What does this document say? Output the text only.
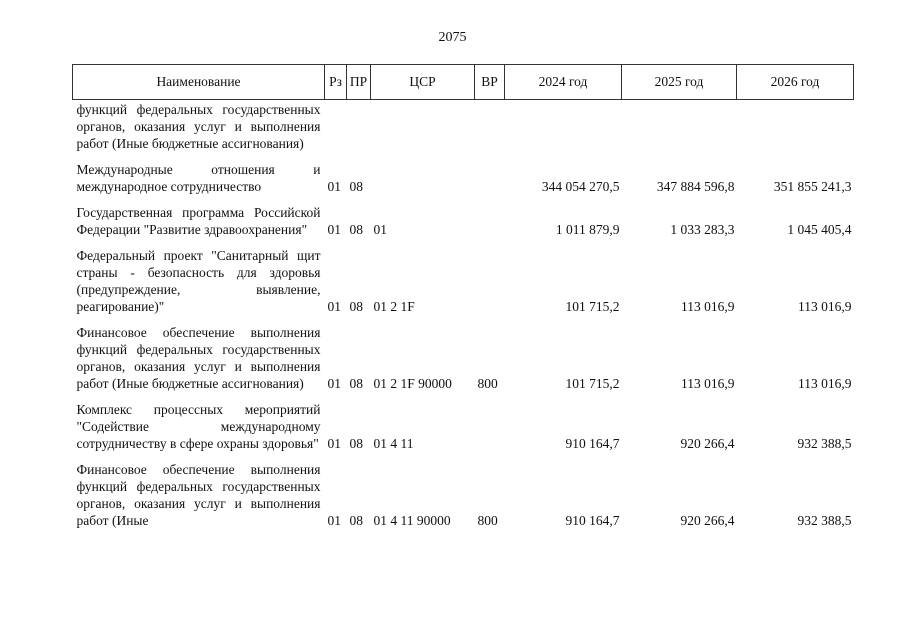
2075
Наименование	Рз	ПР	ЦСР	ВР	2024 год	2025 год	2026 год
функций федеральных государственных органов, оказания услуг и выполнения работ (Иные бюджетные ассигнования)							
Международные отношения и международное сотрудничество	01	08			344 054 270,5	347 884 596,8	351 855 241,3
Государственная программа Российской Федерации "Развитие здравоохранения"	01	08	01		1 011 879,9	1 033 283,3	1 045 405,4
Федеральный проект "Санитарный щит страны - безопасность для здоровья (предупреждение, выявление, реагирование)"	01	08	01 2 1F		101 715,2	113 016,9	113 016,9
Финансовое обеспечение выполнения функций федеральных государственных органов, оказания услуг и выполнения работ (Иные бюджетные ассигнования)	01	08	01 2 1F 90000	800	101 715,2	113 016,9	113 016,9
Комплекс процессных мероприятий "Содействие международному сотрудничеству в сфере охраны здоровья"	01	08	01 4 11		910 164,7	920 266,4	932 388,5
Финансовое обеспечение выполнения функций федеральных государственных органов, оказания услуг и выполнения работ (Иные	01	08	01 4 11 90000	800	910 164,7	920 266,4	932 388,5
